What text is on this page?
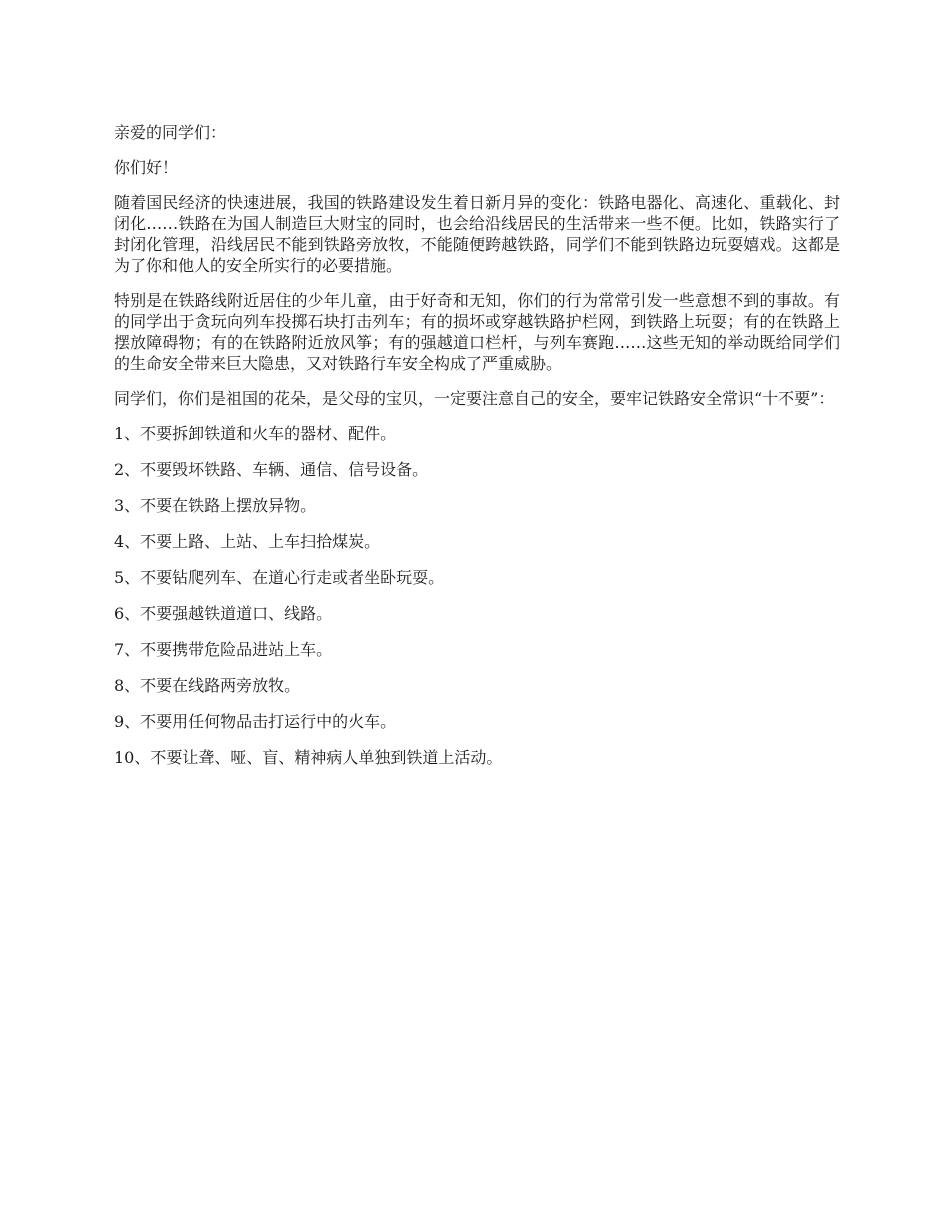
亲爱的同学们：

你们好！

随着国民经济的快速进展，我国的铁路建设发生着日新月异的变化：铁路电器化、高速化、重载化、封闭化……铁路在为国人制造巨大财宝的同时，也会给沿线居民的生活带来一些不便。比如，铁路实行了封闭化管理，沿线居民不能到铁路旁放牧，不能随便跨越铁路，同学们不能到铁路边玩耍嬉戏。这都是为了你和他人的安全所实行的必要措施。

特别是在铁路线附近居住的少年儿童，由于好奇和无知，你们的行为常常引发一些意想不到的事故。有的同学出于贪玩向列车投掷石块打击列车；有的损坏或穿越铁路护栏网，到铁路上玩耍；有的在铁路上摆放障碍物；有的在铁路附近放风筝；有的强越道口栏杆，与列车赛跑……这些无知的举动既给同学们的生命安全带来巨大隐患，又对铁路行车安全构成了严重威胁。

同学们，你们是祖国的花朵，是父母的宝贝，一定要注意自己的安全，要牢记铁路安全常识“十不要”：

1、不要拆卸铁道和火车的器材、配件。

2、不要毁坏铁路、车辆、通信、信号设备。

3、不要在铁路上摆放异物。

4、不要上路、上站、上车扫拾煤炭。

5、不要钻爬列车、在道心行走或者坐卧玩耍。

6、不要强越铁道道口、线路。

7、不要携带危险品进站上车。

8、不要在线路两旁放牧。

9、不要用任何物品击打运行中的火车。

10、不要让聋、哑、盲、精神病人单独到铁道上活动。
